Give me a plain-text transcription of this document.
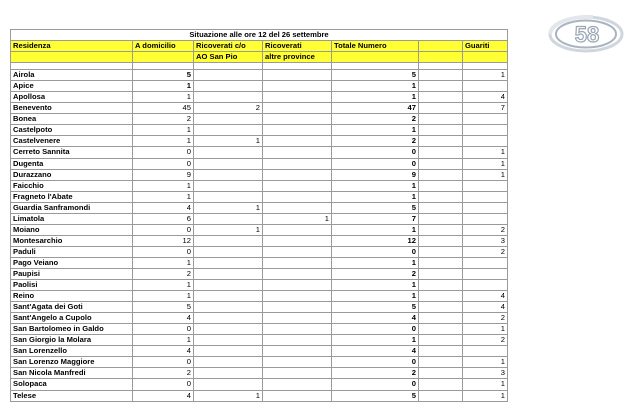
58
Situazione alle ore 12 del 26 settembre						
Residenza	A domicilio	Ricoverati c/o	Ricoverati	Totale Numero		Guariti
		AO San Pio	altre province			

Airola	5			5		1
Apice	1			1		
Apollosa	1			1		4
Benevento	45	2		47		7
Bonea	2			2		
Castelpoto	1			1		
Castelvenere	1	1		2		
Cerreto Sannita	0			0		1
Dugenta	0			0		1
Durazzano	9			9		1
Faicchio	1			1		
Fragneto l'Abate	1			1		
Guardia Sanframondi	4	1		5		
Limatola	6		1	7		
Moiano	0	1		1		2
Montesarchio	12			12		3
Paduli	0			0		2
Pago Veiano	1			1		
Paupisi	2			2		
Paolisi	1			1		
Reino	1			1		4
Sant'Agata dei Goti	5			5		4
Sant'Angelo a Cupolo	4			4		2
San Bartolomeo in Galdo	0			0		1
San Giorgio la Molara	1			1		2
San Lorenzello	4			4		
San Lorenzo Maggiore	0			0		1
San Nicola Manfredi	2			2		3
Solopaca	0			0		1
Telese	4	1		5		1
